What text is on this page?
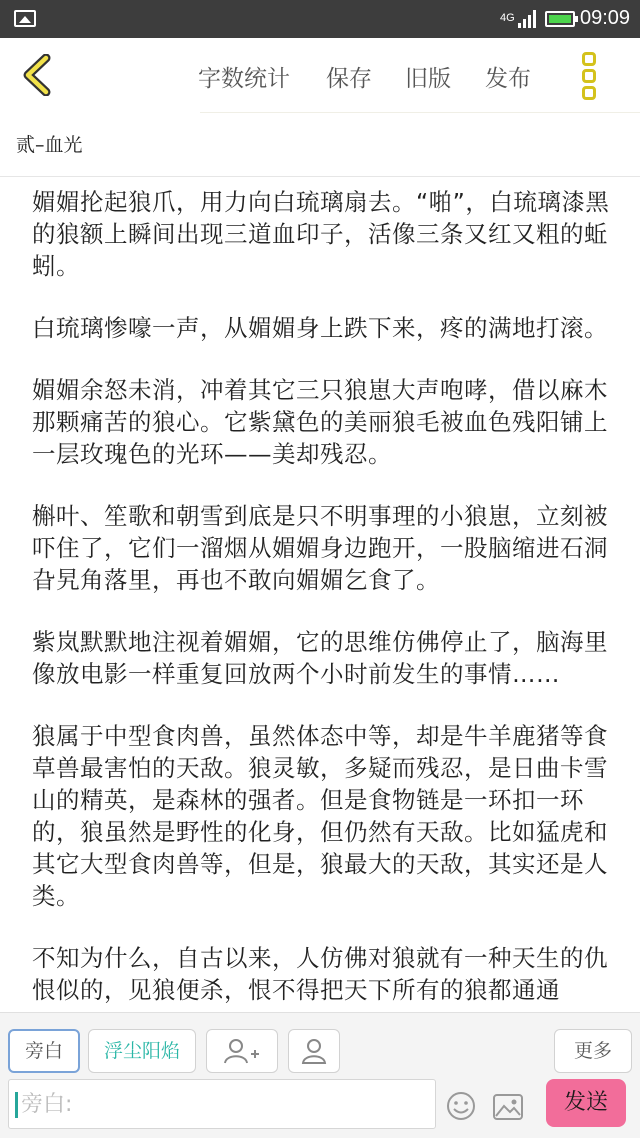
4G	09:09
字数统计 保存 旧版 发布
贰–血光

媚媚抡起狼爪，用力向白琉璃扇去。“啪”，白琉璃漆黑的狼额上瞬间出现三道血印子，活像三条又红又粗的蚯蚓。

白琉璃惨嚎一声，从媚媚身上跌下来，疼的满地打滚。

媚媚余怒未消，冲着其它三只狼崽大声咆哮，借以麻木那颗痛苦的狼心。它紫黛色的美丽狼毛被血色残阳铺上一层玫瑰色的光环——美却残忍。

槲叶、笙歌和朝雪到底是只不明事理的小狼崽，立刻被吓住了，它们一溜烟从媚媚身边跑开，一股脑缩进石洞旮旯角落里，再也不敢向媚媚乞食了。

紫岚默默地注视着媚媚，它的思维仿佛停止了，脑海里像放电影一样重复回放两个小时前发生的事情……

狼属于中型食肉兽，虽然体态中等，却是牛羊鹿猪等食草兽最害怕的天敌。狼灵敏，多疑而残忍，是日曲卡雪山的精英，是森林的强者。但是食物链是一环扣一环的，狼虽然是野性的化身，但仍然有天敌。比如猛虎和其它大型食肉兽等，但是，狼最大的天敌，其实还是人类。

不知为什么，自古以来，人仿佛对狼就有一种天生的仇恨似的，见狼便杀，恨不得把天下所有的狼都通通

旁白	浮尘阳焰	更多
旁白:
发送
